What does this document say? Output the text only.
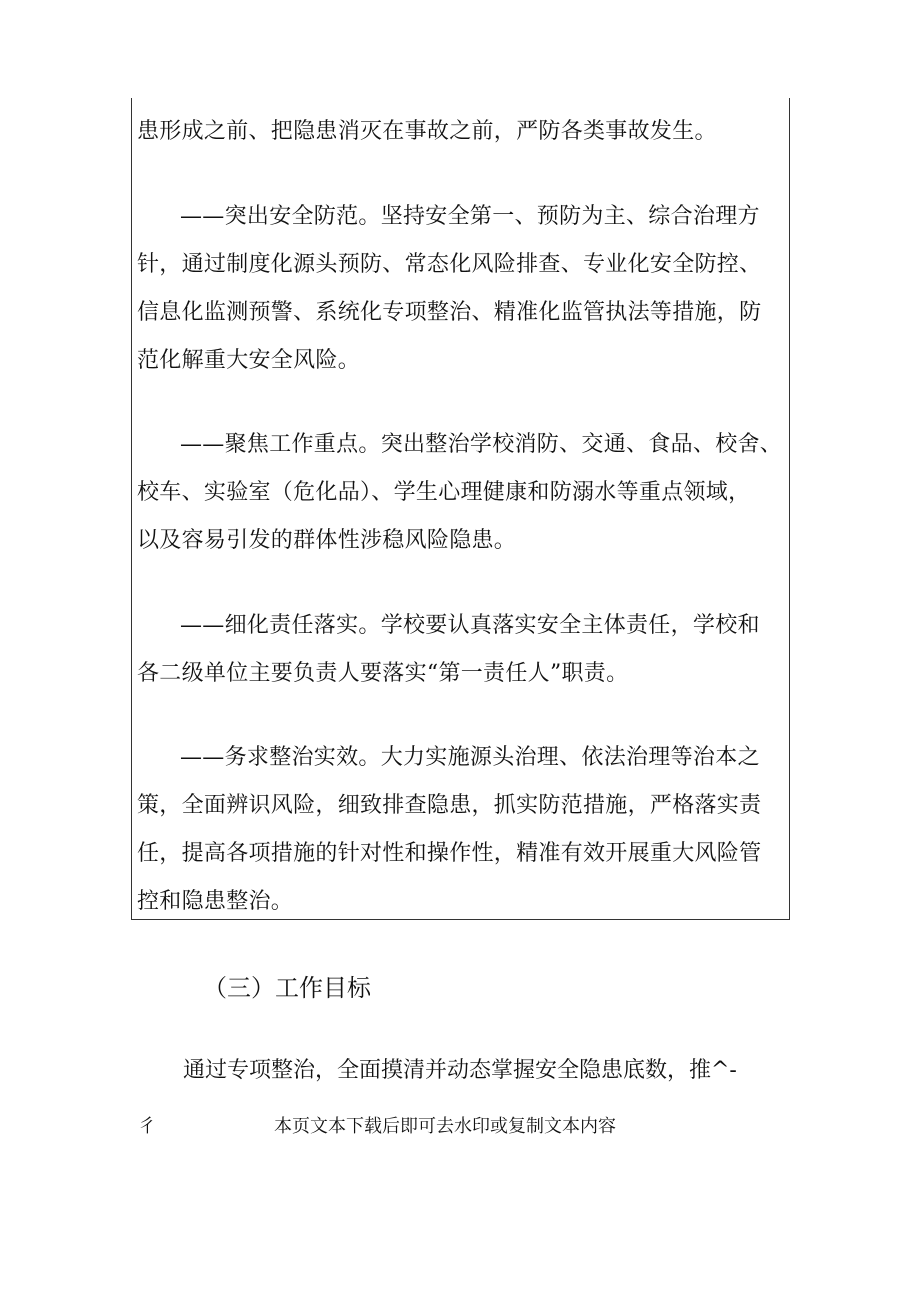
患形成之前、把隐患消灭在事故之前，严防各类事故发生。
——突出安全防范。坚持安全第一、预防为主、综合治理方
针，通过制度化源头预防、常态化风险排查、专业化安全防控、
信息化监测预警、系统化专项整治、精准化监管执法等措施，防
范化解重大安全风险。
——聚焦工作重点。突出整治学校消防、交通、食品、校舍、
校车、实验室（危化品）、学生心理健康和防溺水等重点领域，
以及容易引发的群体性涉稳风险隐患。
——细化责任落实。学校要认真落实安全主体责任，学校和
各二级单位主要负责人要落实“第一责任人”职责。
——务求整治实效。大力实施源头治理、依法治理等治本之
策，全面辨识风险，细致排查隐患，抓实防范措施，严格落实责
任，提高各项措施的针对性和操作性，精准有效开展重大风险管
控和隐患整治。
（三）工作目标
通过专项整治，全面摸清并动态掌握安全隐患底数，推^-
彳	本页文本下载后即可去水印或复制文本内容
